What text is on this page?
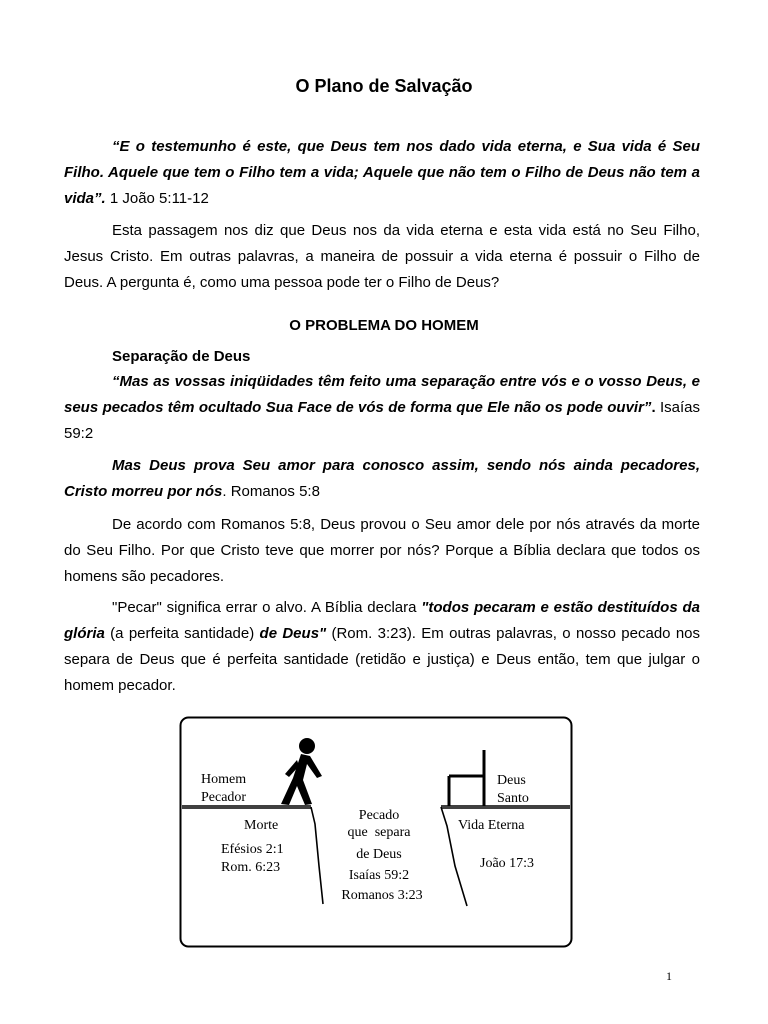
O Plano de Salvação
“E o testemunho é este, que Deus tem nos dado vida eterna, e Sua vida é Seu Filho. Aquele que tem o Filho tem a vida; Aquele que não tem o Filho de Deus não tem a vida”. 1 João 5:11-12
Esta passagem nos diz que Deus nos da vida eterna e esta vida está no Seu Filho, Jesus Cristo. Em outras palavras, a maneira de possuir a vida eterna é possuir o Filho de Deus. A pergunta é, como uma pessoa pode ter o Filho de Deus?
O PROBLEMA DO HOMEM
Separação de Deus
“Mas as vossas iniqüidades têm feito uma separação entre vós e o vosso Deus, e seus pecados têm ocultado Sua Face de vós de forma que Ele não os pode ouvir”. Isaías 59:2
Mas Deus prova Seu amor para conosco assim, sendo nós ainda pecadores, Cristo morreu por nós. Romanos 5:8
De acordo com Romanos 5:8, Deus provou o Seu amor dele por nós através da morte do Seu Filho. Por que Cristo teve que morrer por nós? Porque a Bíblia declara que todos os homens são pecadores.
"Pecar" significa errar o alvo. A Bíblia declara "todos pecaram e estão destituídos da glória (a perfeita santidade) de Deus" (Rom. 3:23). Em outras palavras, o nosso pecado nos separa de Deus que é perfeita santidade (retidão e justiça) e Deus então, tem que julgar o homem pecador.
Homem
Pecador
Deus
Santo
Morte
Efésios 2:1
Rom. 6:23
Pecado
que  separa
de Deus
Isaías 59:2
Romanos 3:23
Vida Eterna
João 17:3
1
